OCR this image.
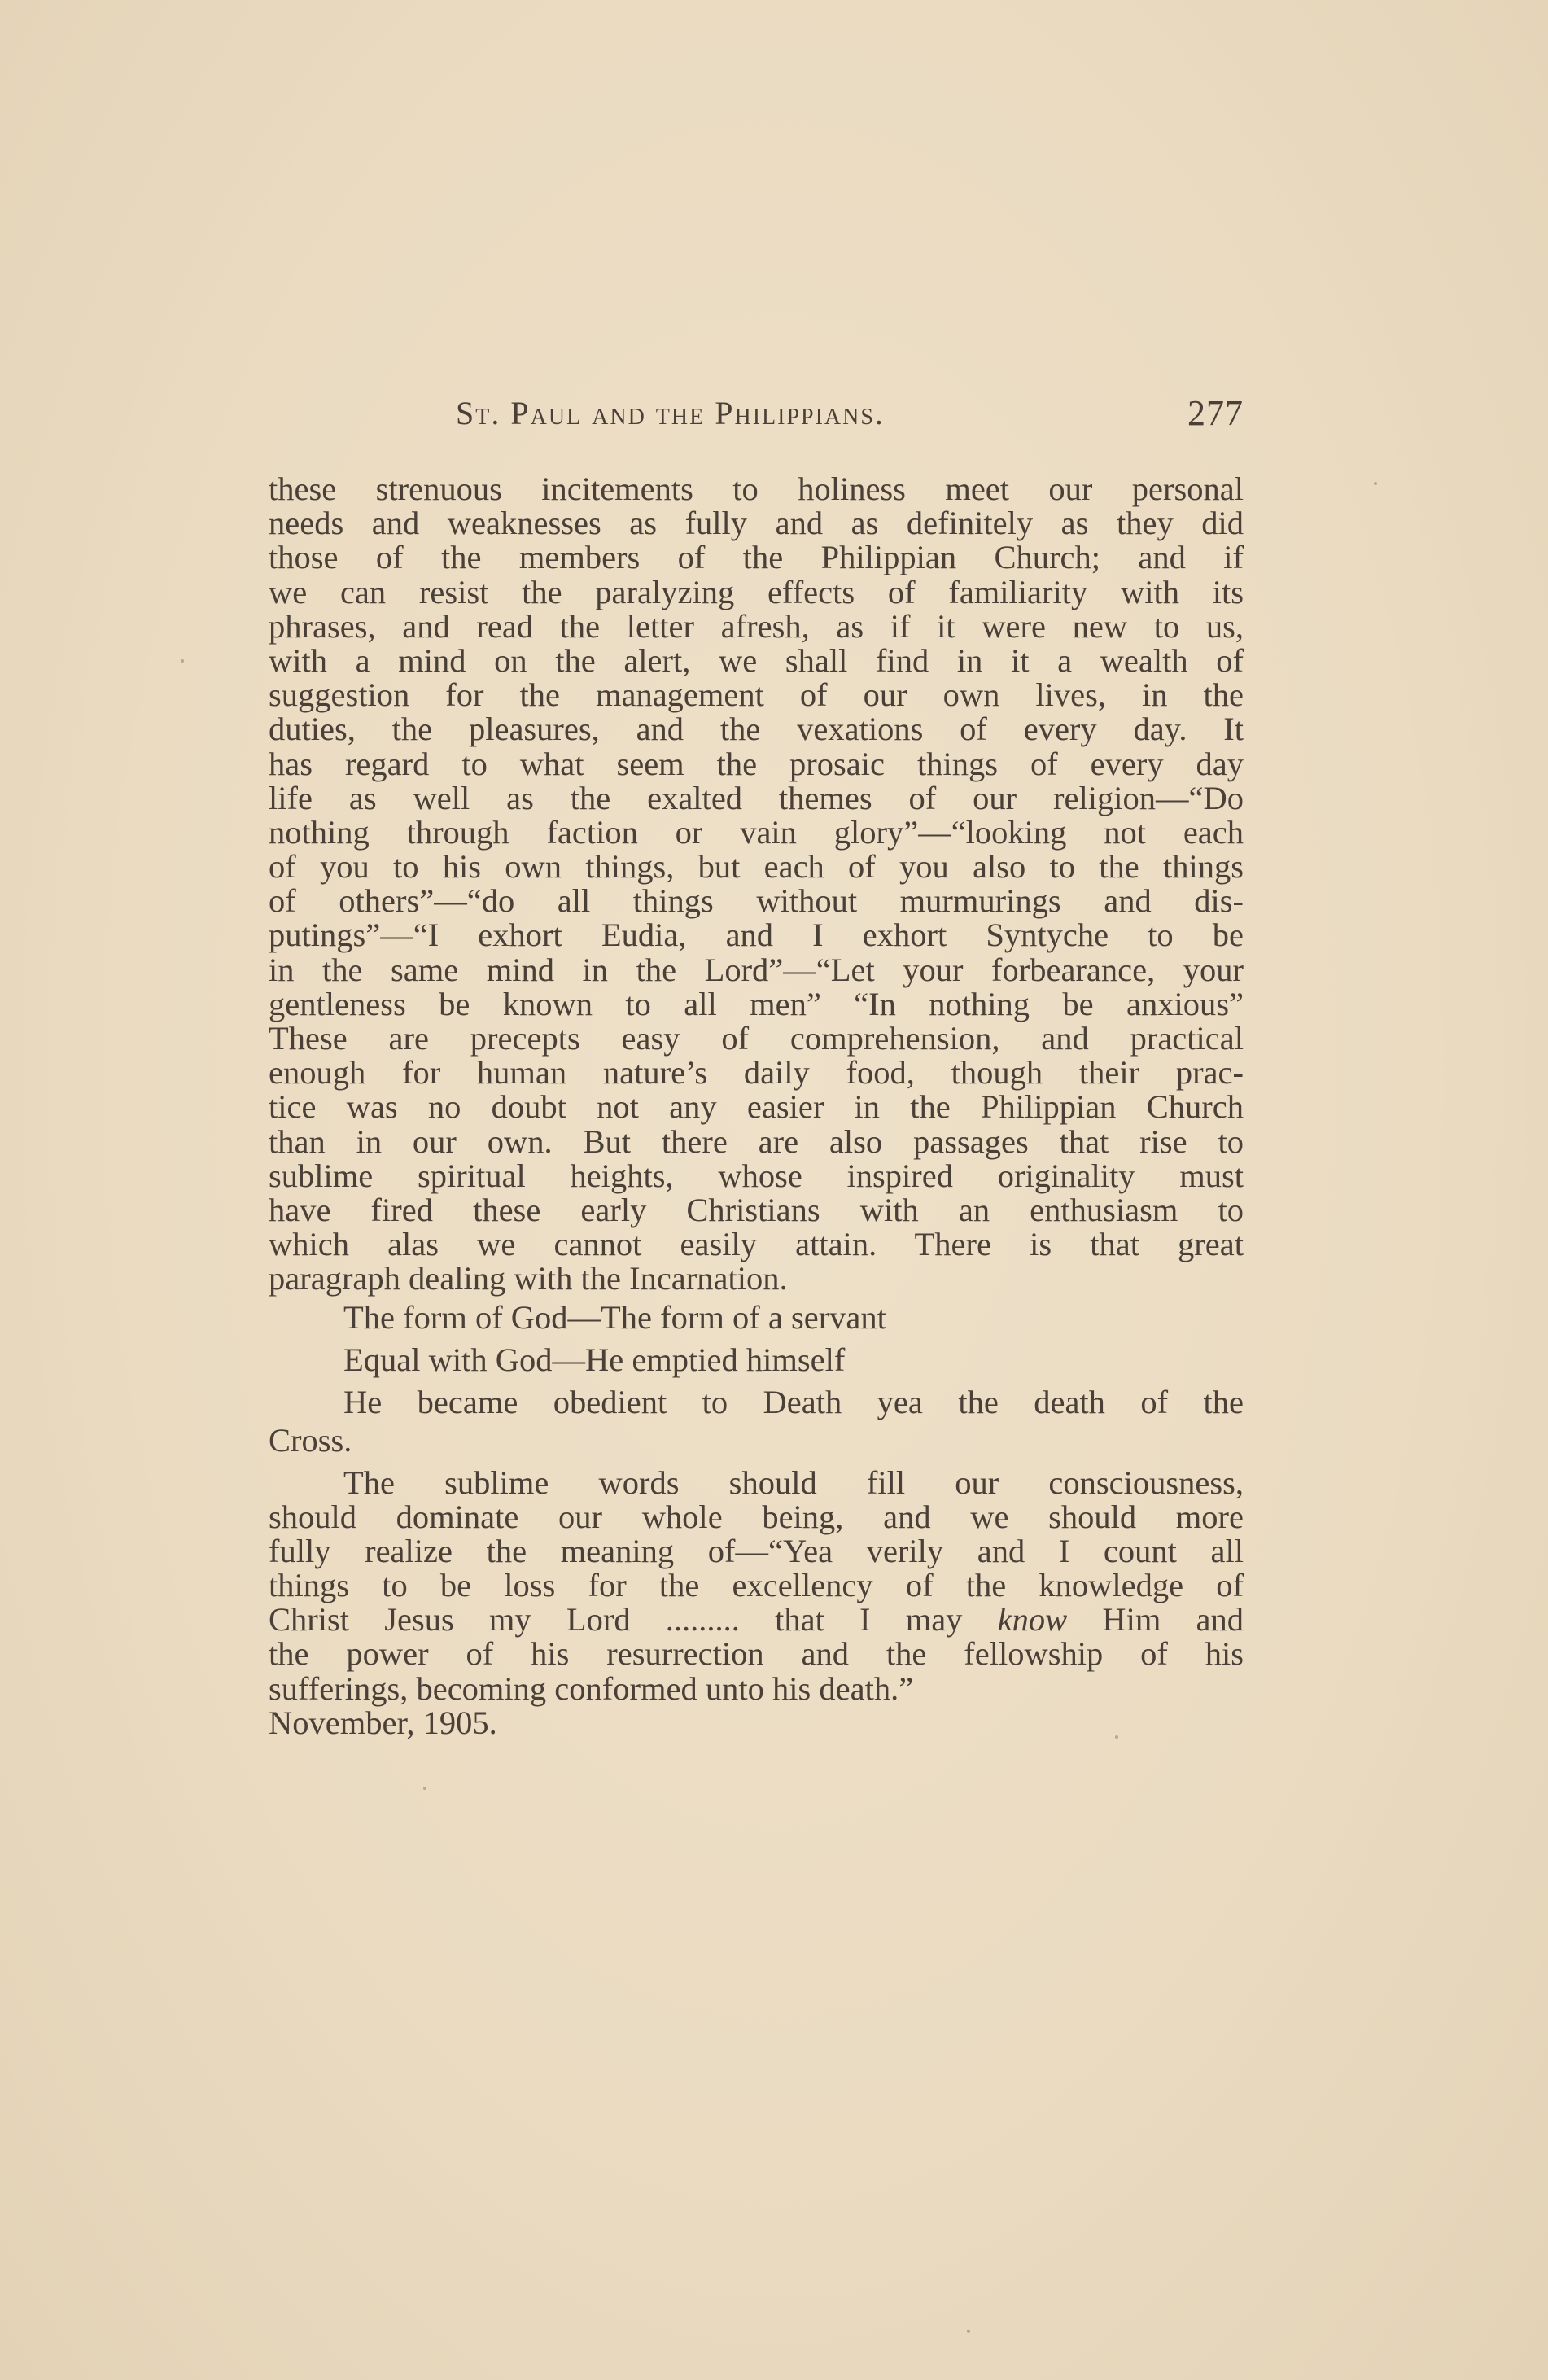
St. Paul and the Philippians.	277
these strenuous incitements to holiness meet our personal
needs and weaknesses as fully and as definitely as they did
those of the members of the Philippian Church; and if
we can resist the paralyzing effects of familiarity with its
phrases, and read the letter afresh, as if it were new to us,
with a mind on the alert, we shall find in it a wealth of
suggestion for the management of our own lives, in the
duties, the pleasures, and the vexations of every day. It
has regard to what seem the prosaic things of every day
life as well as the exalted themes of our religion—“Do
nothing through faction or vain glory”—“looking not each
of you to his own things, but each of you also to the things
of others”—“do all things without murmurings and dis-
putings”—“I exhort Eudia, and I exhort Syntyche to be
in the same mind in the Lord”—“Let your forbearance, your
gentleness be known to all men” “In nothing be anxious”
These are precepts easy of comprehension, and practical
enough for human nature’s daily food, though their prac-
tice was no doubt not any easier in the Philippian Church
than in our own. But there are also passages that rise to
sublime spiritual heights, whose inspired originality must
have fired these early Christians with an enthusiasm to
which alas we cannot easily attain. There is that great
paragraph dealing with the Incarnation.
The form of God—The form of a servant
Equal with God—He emptied himself
He became obedient to Death yea the death of the
Cross.
The sublime words should fill our consciousness,
should dominate our whole being, and we should more
fully realize the meaning of—“Yea verily and I count all
things to be loss for the excellency of the knowledge of
Christ Jesus my Lord ......... that I may know Him and
the power of his resurrection and the fellowship of his
sufferings, becoming conformed unto his death.”
November, 1905.
